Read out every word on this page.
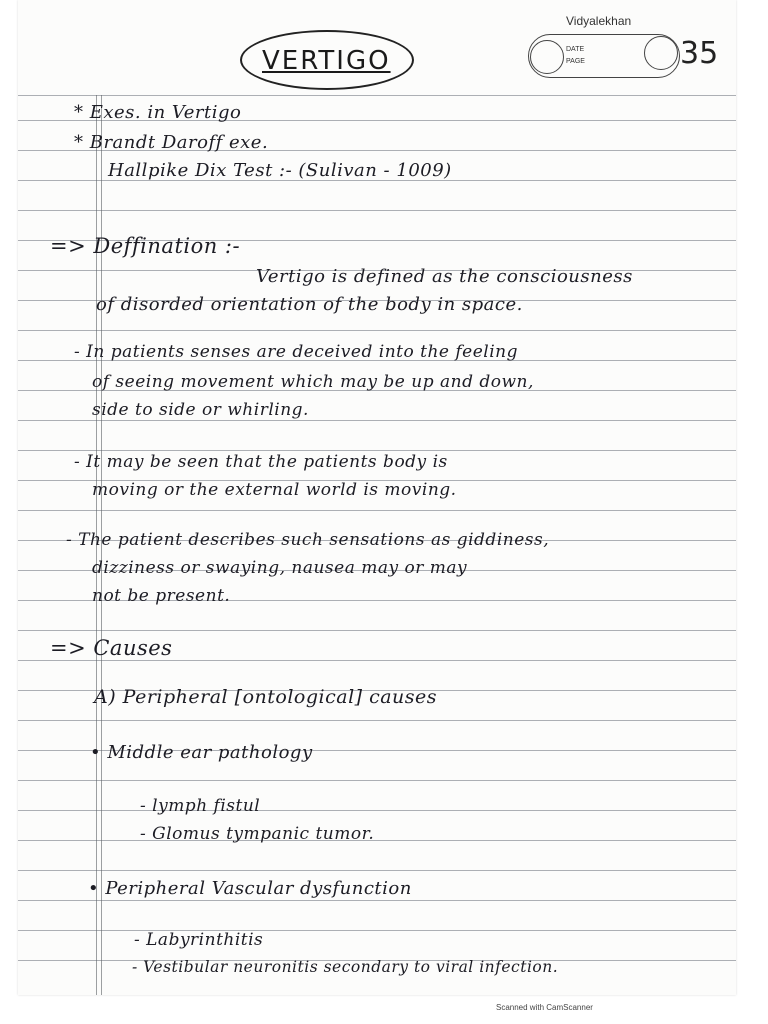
Vidyalekhan
DATE
PAGE	35
VERTIGO
* Exes. in Vertigo
* Brandt Daroff exe.
Hallpike Dix Test :- (Sulivan - 1009)
=> Deffination :-
Vertigo is defined as the consciousness
of disorded orientation of the body in space.
- In patients senses are deceived into the feeling
of seeing movement which may be up and down,
side to side or whirling.
- It may be seen that the patients body is
moving or the external world is moving.
- The patient describes such sensations as giddiness,
dizziness or swaying, nausea may or may
not be present.
=> Causes
A) Peripheral [ontological] causes
• Middle ear pathology
- lymph fistul
- Glomus tympanic tumor.
• Peripheral Vascular dysfunction
- Labyrinthitis
- Vestibular neuronitis secondary to viral infection.
Scanned with CamScanner
